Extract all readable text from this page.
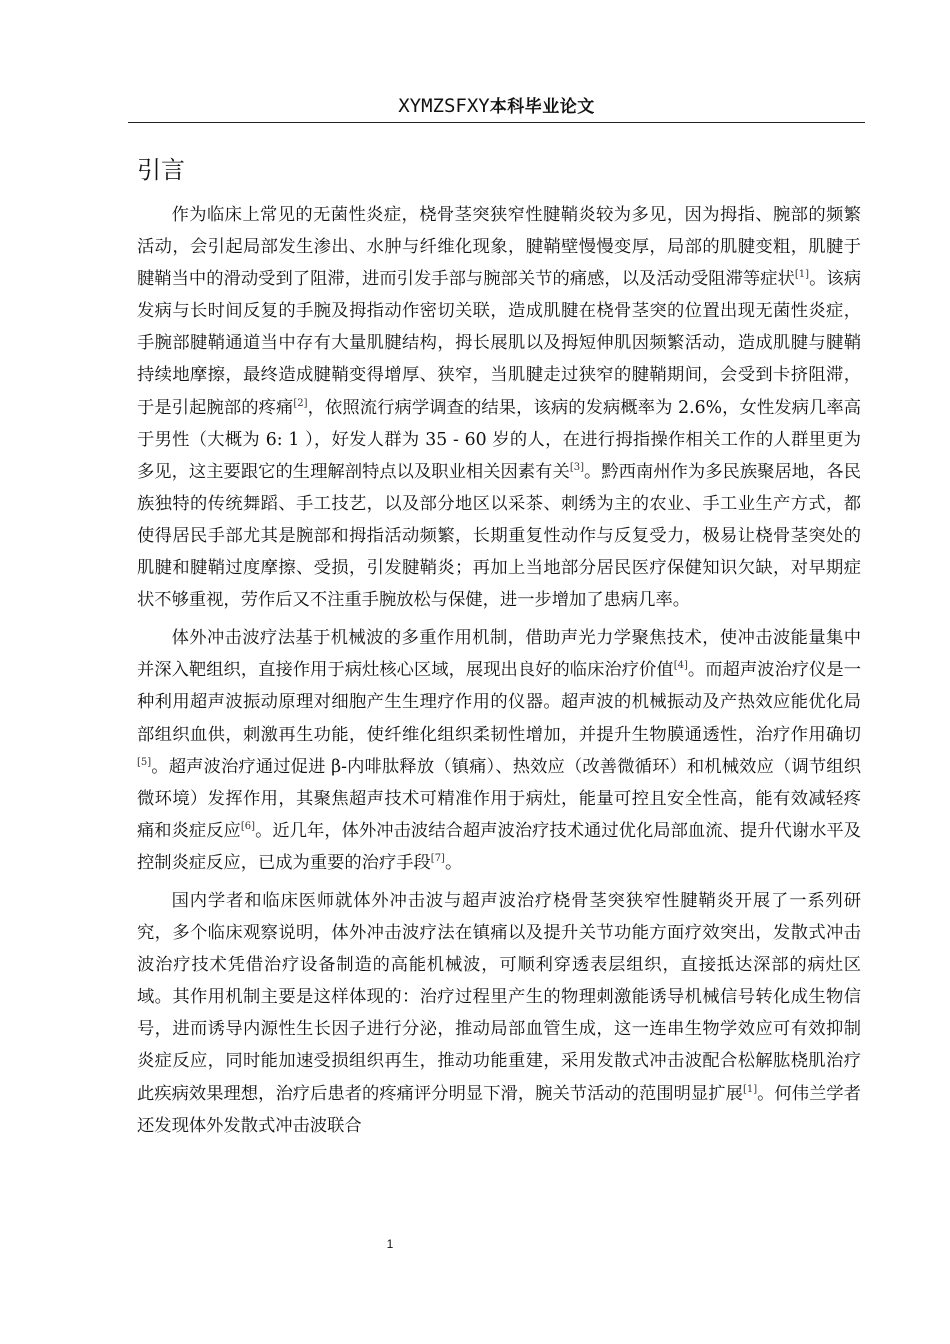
XYMZSFXY本科毕业论文
引言

作为临床上常见的无菌性炎症，桡骨茎突狭窄性腱鞘炎较为多见，因为拇指、腕部的频繁活动，会引起局部发生渗出、水肿与纤维化现象，腱鞘壁慢慢变厚，局部的肌腱变粗，肌腱于腱鞘当中的滑动受到了阻滞，进而引发手部与腕部关节的痛感，以及活动受阻滞等症状[1]。该病发病与长时间反复的手腕及拇指动作密切关联，造成肌腱在桡骨茎突的位置出现无菌性炎症，手腕部腱鞘通道当中存有大量肌腱结构，拇长展肌以及拇短伸肌因频繁活动，造成肌腱与腱鞘持续地摩擦，最终造成腱鞘变得增厚、狭窄，当肌腱走过狭窄的腱鞘期间，会受到卡挤阻滞，于是引起腕部的疼痛[2]，依照流行病学调查的结果，该病的发病概率为 2.6%，女性发病几率高于男性（大概为 6: 1 ），好发人群为 35 - 60 岁的人，在进行拇指操作相关工作的人群里更为多见，这主要跟它的生理解剖特点以及职业相关因素有关[3]。黔西南州作为多民族聚居地，各民族独特的传统舞蹈、手工技艺，以及部分地区以采茶、刺绣为主的农业、手工业生产方式，都使得居民手部尤其是腕部和拇指活动频繁，长期重复性动作与反复受力，极易让桡骨茎突处的肌腱和腱鞘过度摩擦、受损，引发腱鞘炎；再加上当地部分居民医疗保健知识欠缺，对早期症状不够重视，劳作后又不注重手腕放松与保健，进一步增加了患病几率。

体外冲击波疗法基于机械波的多重作用机制，借助声光力学聚焦技术，使冲击波能量集中并深入靶组织，直接作用于病灶核心区域，展现出良好的临床治疗价值[4]。而超声波治疗仪是一种利用超声波振动原理对细胞产生生理疗作用的仪器。超声波的机械振动及产热效应能优化局部组织血供，刺激再生功能，使纤维化组织柔韧性增加，并提升生物膜通透性，治疗作用确切[5]。超声波治疗通过促进 β-内啡肽释放（镇痛）、热效应（改善微循环）和机械效应（调节组织微环境）发挥作用，其聚焦超声技术可精准作用于病灶，能量可控且安全性高，能有效减轻疼痛和炎症反应[6]。近几年，体外冲击波结合超声波治疗技术通过优化局部血流、提升代谢水平及控制炎症反应，已成为重要的治疗手段[7]。

国内学者和临床医师就体外冲击波与超声波治疗桡骨茎突狭窄性腱鞘炎开展了一系列研究，多个临床观察说明，体外冲击波疗法在镇痛以及提升关节功能方面疗效突出，发散式冲击波治疗技术凭借治疗设备制造的高能机械波，可顺利穿透表层组织，直接抵达深部的病灶区域。其作用机制主要是这样体现的：治疗过程里产生的物理刺激能诱导机械信号转化成生物信号，进而诱导内源性生长因子进行分泌，推动局部血管生成，这一连串生物学效应可有效抑制炎症反应，同时能加速受损组织再生，推动功能重建，采用发散式冲击波配合松解肱桡肌治疗此疾病效果理想，治疗后患者的疼痛评分明显下滑，腕关节活动的范围明显扩展[1]。何伟兰学者还发现体外发散式冲击波联合

1
